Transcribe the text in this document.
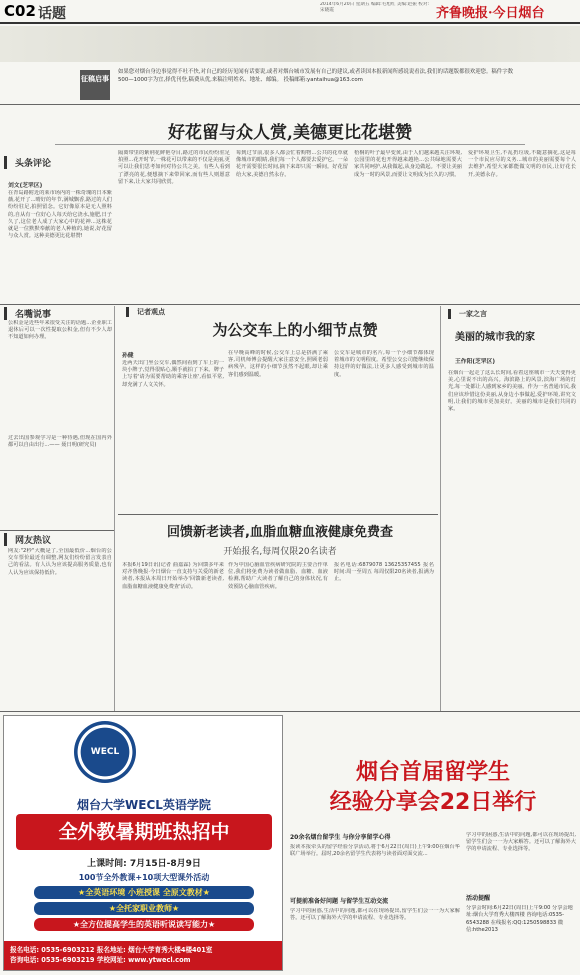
C02 话题
2014年6月20日 星期五 编辑:毛旭红 美编:赵振 校对:宋晓霞	齐鲁晚报·今日烟台
征稿启事
如果您对烟台身边事觉得不吐不快,对自己的经历见闻有话要说,或者对烟台城市发展有自己的建议,或者读国本报新闻所感说说看法,我们的话题版都很欢迎您。稿件字数500—1000字为宜,择优刊登,稿费从优,来稿注明姓名、地址、邮编。 投稿邮箱:yantaihua@163.com
好花留与众人赏,美德更比花堪赞
头条评论
刘文(芝罘区)
在青岛路附近的莱市场内的一株奇瑰的日本紫薇,花开了...晴好的年节,满城飘香,路过的人们纷纷驻足,拍照留念。它好像原本是无人照料的,自从有一位好心人每天给它浇水,施肥,日子久了,这位老人成了大家心中的花神...这株花就是一位默默奉献的老人种植的,她说,好花留与众人赏。这种美德更比花堪赞!
隔离带里的紫荆花鲜艳夺目,路过的市民纷纷驻足拍照...花开时节,一株花可以带来的不仅是美丽,更可以让我们思考如何对待公共之美。有些人看到了漂亮的花,便想摘下来带回家,而有些人则愿意留下来,让大家共同欣赏。
每到过节前,很多人都会忙着购物...公共的花草就像城市的眼睛,我们每一个人都要去爱护它。一朵花开需要很长时间,摘下来却只需一瞬间。好花留给大家,美德自然永存。
梧桐的叶子最早变黄,由于人们越来越关注环境,公园里的花也开得越来越艳...公共绿地需要大家共同呵护,从我做起,从身边做起。不要让美丽成为一时的风景,而要让文明成为长久的习惯。
爱护环境卫生,不乱扔垃圾,不随意摘花,这是每一个市民应尽的义务...城市的美丽需要每个人去维护,希望大家都能做文明的市民,让好花长开,美德永存。
名嘴说事
公积金是近些年来很受关注的话题...企业职工退休后可以一次性提取公积金,但有不少人却不知道如何办理。
过去出国参观学习是一种待遇,但现在国内外都可以自由出行...—— 聂日明(研究员)
网友热议
网友:"2秒"大概是了,全国最低价...烟台的公交车票价最近有调整,网友们纷纷留言发表自己的看法。有人认为应该提高服务质量,也有人认为应该保持低价。
记者观点
为公交车上的小细节点赞
孙健
近两天出门坐公交车,偶然间看到了车上的一块小牌子,觉得很贴心,顺手就拍了下来。牌子上写着'请为需要帮助的乘客让座',看似平常,却充满了人文关怀。
在早晚高峰的时候,公交车上总是挤满了乘客,司机师傅会提醒大家注意安全,照顾老弱病残孕。这样的小细节虽然不起眼,却让乘客们感到温暖。
公交车是城市的名片,每一个小细节都体现着城市的文明程度。希望公交公司能继续保持这样的好做法,让更多人感受到城市的温度。
一家之言
美丽的城市我的家
王作阳(芝罘区)
在烟台一起走了这么长时间,看着这座城市一天天变得更美,心里说不出的高兴。海滨路上的风景,滨海广场的灯光,每一处都让人感到家乡的美丽。作为一名普通市民,我们应该珍惜这份美丽,从身边小事做起,爱护环境,讲究文明,让我们的城市更加美好。美丽的城市是我们共同的家。
回馈新老读者,血脂血糖血液健康免费查
开始报名,每周仅限20名读者
本报6月19日讯(记者 曲嘉霖) 为回馈多年来对齐鲁晚报·今日烟台一直支持与关爱的新老读者,本报从本周日开始举办'回馈新老读者,血脂血糖血液健康免费查'活动。
作为中国心脑血管疾病研究院的主要合作单位,我们将免费为读者做血脂、血糖、血液检测,帮助广大读者了解自己的身体状况,有效预防心脑血管疾病。
报名电话:6879078 13625357455 报名时间:周一至周五 每周仅限20名读者,报满为止。
WECL
烟台大学WECL英语学院
全外教暑期班热招中
上课时间: 7月15日-8月9日
100节全外教课+10项大型课外活动
★全英语环境 小班授课 全原文教材★
★全托家职业教师★
★全方位提高学生的英语听说读写能力★
报名电话: 0535-6903212 报名地址: 烟台大学育秀大楼4楼401室
咨询电话: 0535-6903219 学校网址: www.ytwecl.com
烟台首届留学生
经验分享会22日举行
20余名烟台留学生 与你分享留学心得
报读本报牵头的留学经验分享活动,将于6月22日(周日)上午9:00在烟台华联广场举行。届时,20余名留学生代表将与读者面对面交流...
可提前准备好问题 与留学生互动交流
学习中的困惑,生活中的问题,都可以在现场提出,留学生们会一一为大家解答。还可以了解海外大学的申请流程、专业选择等。
学习中的困惑,生活中的问题,都可以在现场提出,留学生们会一一为大家解答。还可以了解海外大学的申请流程、专业选择等。
活动提醒
分享会时间:6月22日(周日)上午9:00 分享会地址:烟台大学育秀大楼四楼 咨询电话:0535-6543288 在线报名:QQ:1250598833 微信:hthe2013
